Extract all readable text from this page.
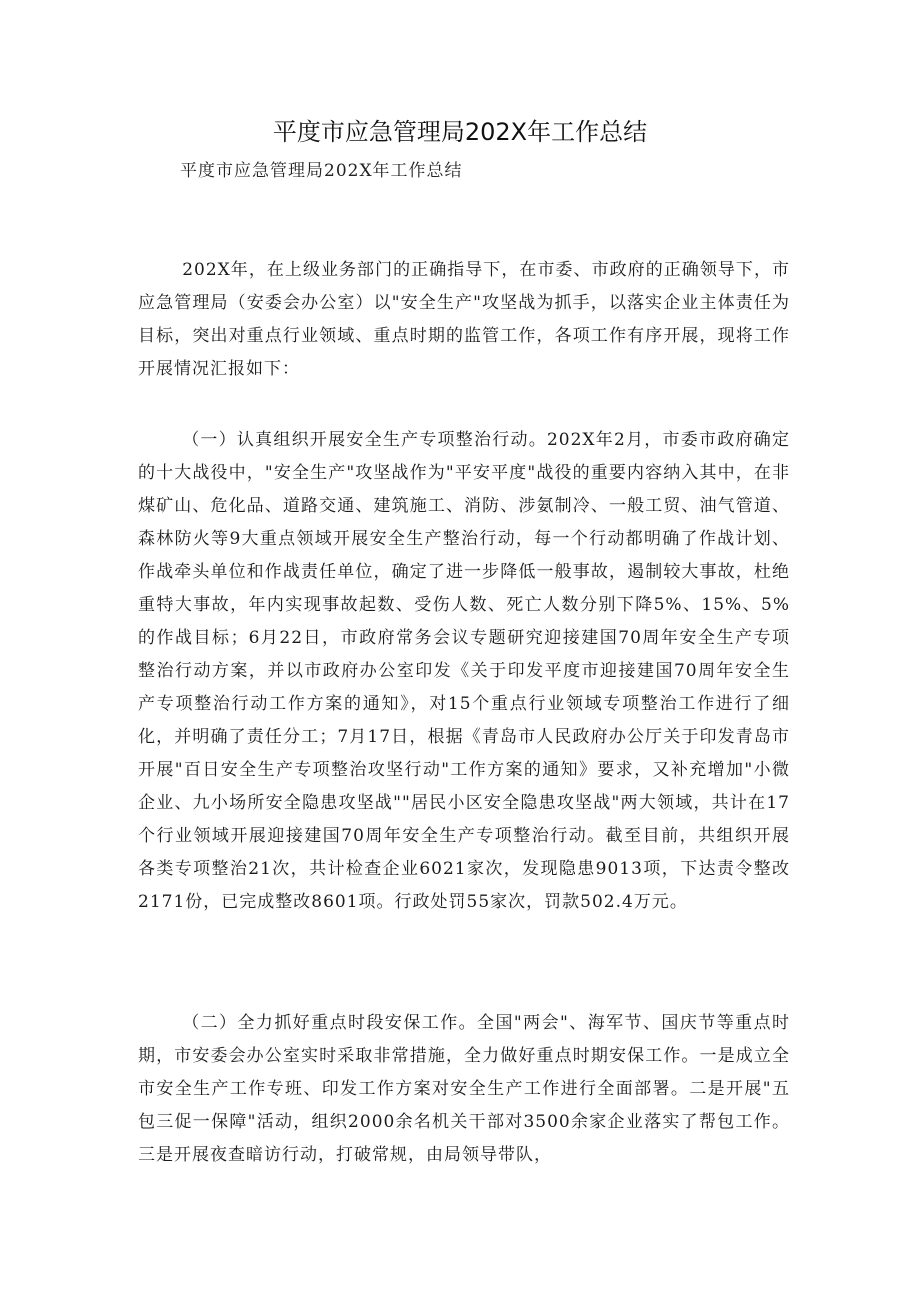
平度市应急管理局202X年工作总结
平度市应急管理局202X年工作总结

202X年，在上级业务部门的正确指导下，在市委、市政府的正确领导下，市应急管理局（安委会办公室）以"安全生产"攻坚战为抓手，以落实企业主体责任为目标，突出对重点行业领域、重点时期的监管工作，各项工作有序开展，现将工作开展情况汇报如下：

（一）认真组织开展安全生产专项整治行动。202X年2月，市委市政府确定的十大战役中，"安全生产"攻坚战作为"平安平度"战役的重要内容纳入其中，在非煤矿山、危化品、道路交通、建筑施工、消防、涉氨制冷、一般工贸、油气管道、森林防火等9大重点领域开展安全生产整治行动，每一个行动都明确了作战计划、作战牵头单位和作战责任单位，确定了进一步降低一般事故，遏制较大事故，杜绝重特大事故，年内实现事故起数、受伤人数、死亡人数分别下降5%、15%、5%的作战目标；6月22日，市政府常务会议专题研究迎接建国70周年安全生产专项整治行动方案，并以市政府办公室印发《关于印发平度市迎接建国70周年安全生产专项整治行动工作方案的通知》，对15个重点行业领域专项整治工作进行了细化，并明确了责任分工；7月17日，根据《青岛市人民政府办公厅关于印发青岛市开展"百日安全生产专项整治攻坚行动"工作方案的通知》要求，又补充增加"小微企业、九小场所安全隐患攻坚战""居民小区安全隐患攻坚战"两大领域，共计在17个行业领域开展迎接建国70周年安全生产专项整治行动。截至目前，共组织开展各类专项整治21次，共计检查企业6021家次，发现隐患9013项，下达责令整改2171份，已完成整改8601项。行政处罚55家次，罚款502.4万元。

（二）全力抓好重点时段安保工作。全国"两会"、海军节、国庆节等重点时期，市安委会办公室实时采取非常措施，全力做好重点时期安保工作。一是成立全市安全生产工作专班、印发工作方案对安全生产工作进行全面部署。二是开展"五包三促一保障"活动，组织2000余名机关干部对3500余家企业落实了帮包工作。三是开展夜查暗访行动，打破常规，由局领导带队，
